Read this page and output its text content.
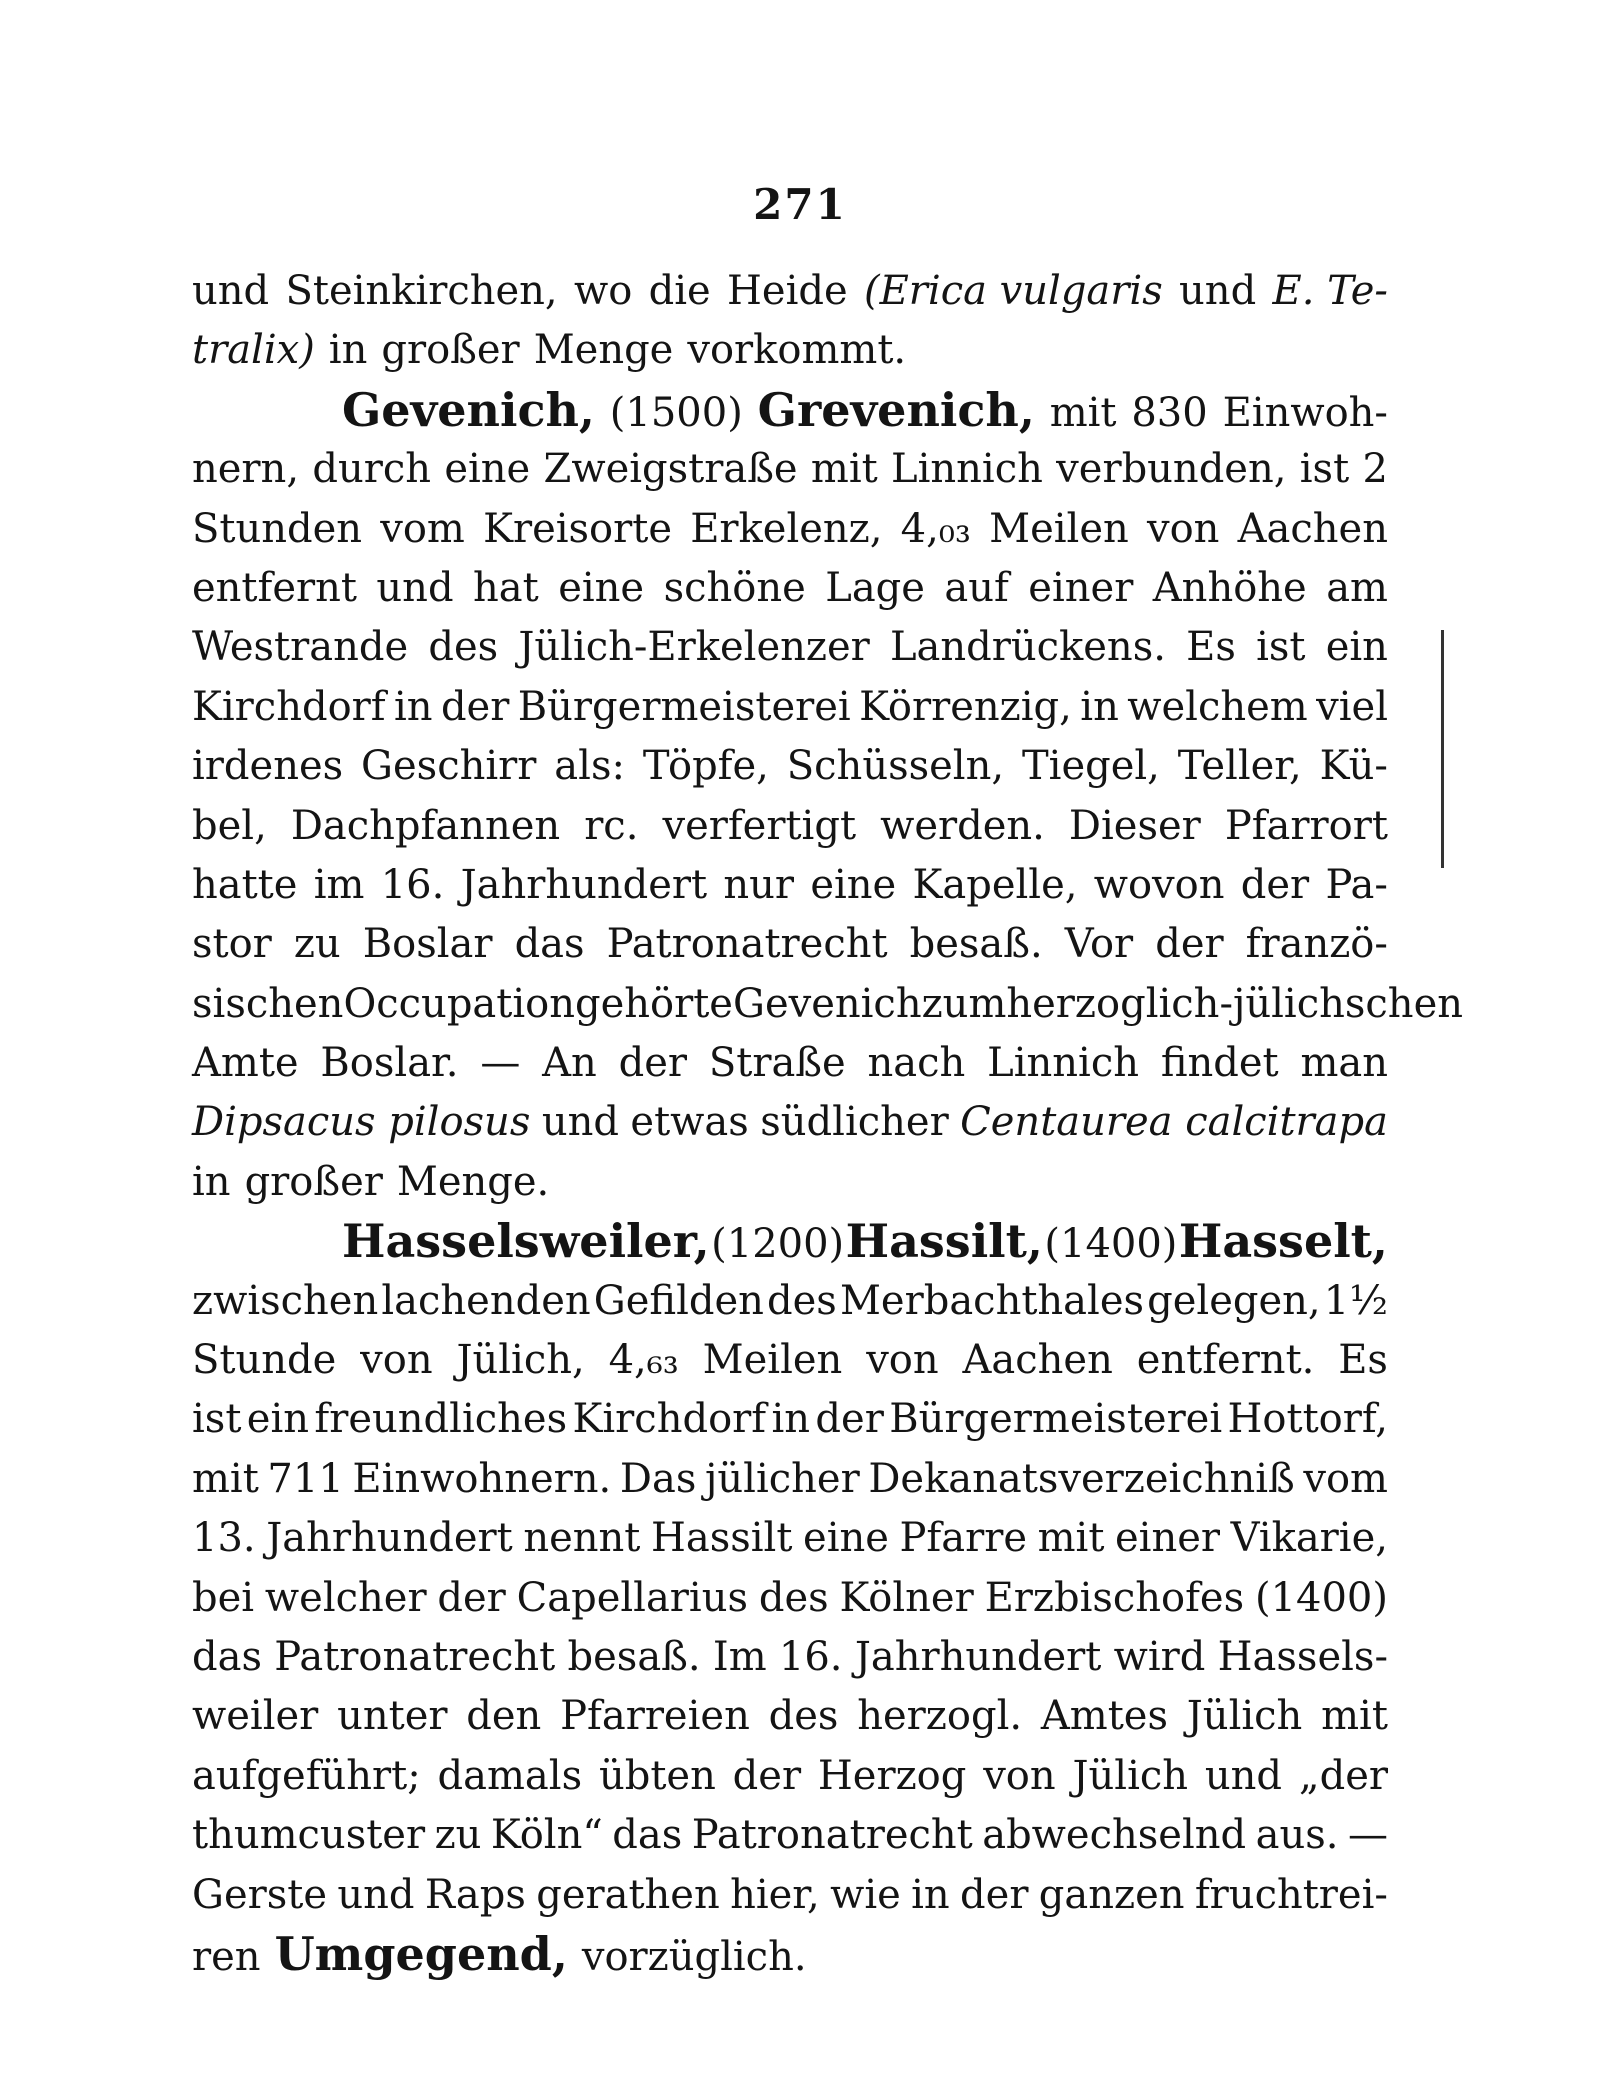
271
und Steinkirchen, wo die Heide (Erica vulgaris und E. Te-
tralix) in großer Menge vorkommt.
Gevenich, (1500) Grevenich, mit 830 Einwoh-
nern, durch eine Zweigstraße mit Linnich verbunden, ist 2
Stunden vom Kreisorte Erkelenz, 4,₀₃ Meilen von Aachen
entfernt und hat eine schöne Lage auf einer Anhöhe am
Westrande des Jülich-Erkelenzer Landrückens. Es ist ein
Kirchdorf in der Bürgermeisterei Körrenzig, in welchem viel
irdenes Geschirr als: Töpfe, Schüsseln, Tiegel, Teller, Kü-
bel, Dachpfannen rc. verfertigt werden. Dieser Pfarrort
hatte im 16. Jahrhundert nur eine Kapelle, wovon der Pa-
stor zu Boslar das Patronatrecht besaß. Vor der franzö-
sischen Occupation gehörte Gevenich zum herzoglich-jülichschen
Amte Boslar. — An der Straße nach Linnich findet man
Dipsacus pilosus und etwas südlicher Centaurea calcitrapa
in großer Menge.
Hasselsweiler, (1200) Hassilt, (1400) Hasselt,
zwischen lachenden Gefilden des Merbachthales gelegen, 1½
Stunde von Jülich, 4,₆₃ Meilen von Aachen entfernt. Es
ist ein freundliches Kirchdorf in der Bürgermeisterei Hottorf,
mit 711 Einwohnern. Das jülicher Dekanatsverzeichniß vom
13. Jahrhundert nennt Hassilt eine Pfarre mit einer Vikarie,
bei welcher der Capellarius des Kölner Erzbischofes (1400)
das Patronatrecht besaß. Im 16. Jahrhundert wird Hassels-
weiler unter den Pfarreien des herzogl. Amtes Jülich mit
aufgeführt; damals übten der Herzog von Jülich und „der
thumcuster zu Köln“ das Patronatrecht abwechselnd aus. —
Gerste und Raps gerathen hier, wie in der ganzen fruchtrei-
ren Umgegend, vorzüglich.
